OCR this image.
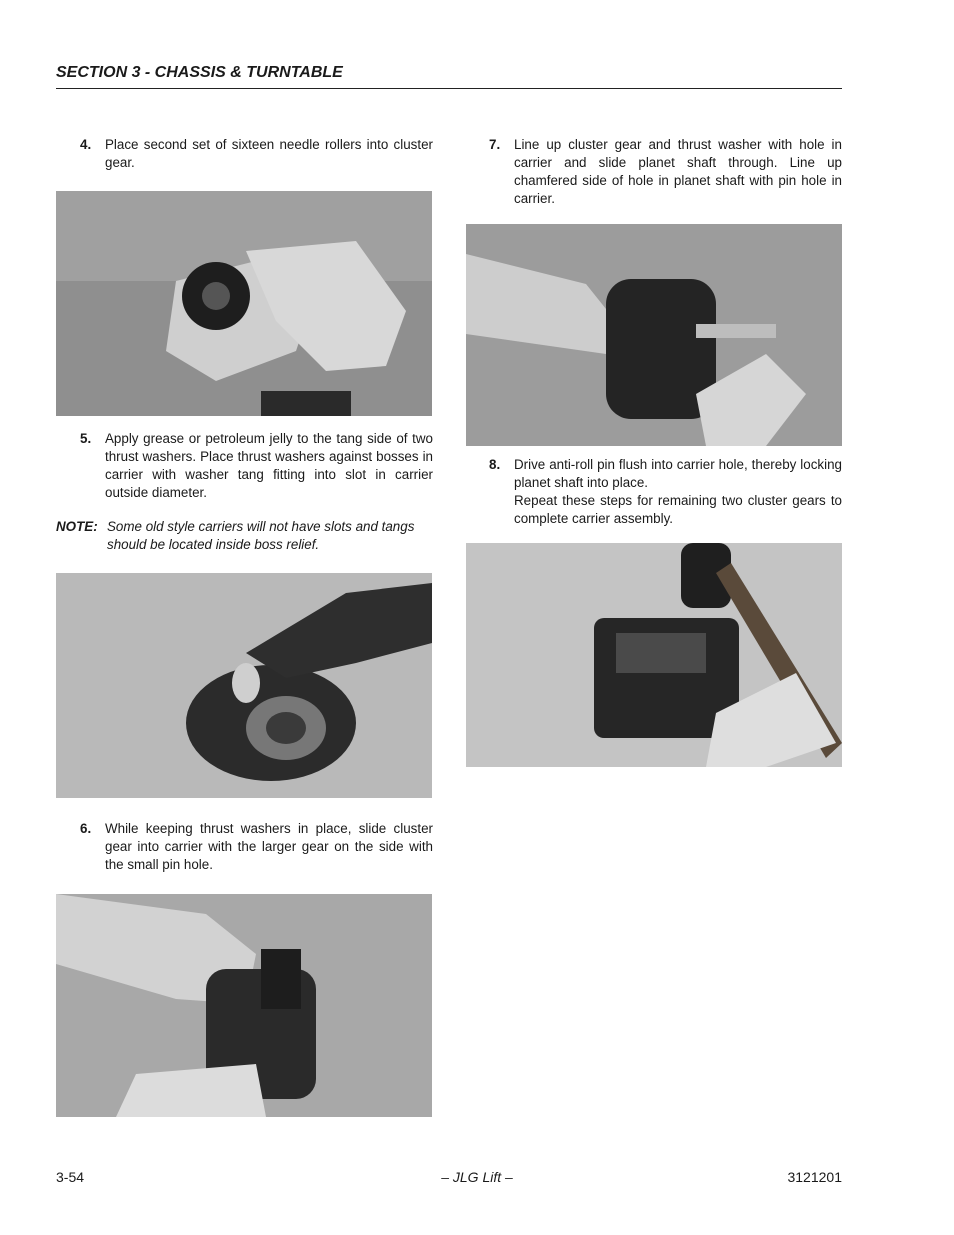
SECTION 3 - CHASSIS & TURNTABLE
4. Place second set of sixteen needle rollers into cluster gear.
5. Apply grease or petroleum jelly to the tang side of two thrust washers. Place thrust washers against bosses in carrier with washer tang fitting into slot in carrier outside diameter.
NOTE: Some old style carriers will not have slots and tangs should be located inside boss relief.
6. While keeping thrust washers in place, slide cluster gear into carrier with the larger gear on the side with the small pin hole.
7. Line up cluster gear and thrust washer with hole in carrier and slide planet shaft through. Line up chamfered side of hole in planet shaft with pin hole in carrier.
8. Drive anti-roll pin flush into carrier hole, thereby locking planet shaft into place.
Repeat these steps for remaining two cluster gears to complete carrier assembly.
3-54	– JLG Lift –	3121201
